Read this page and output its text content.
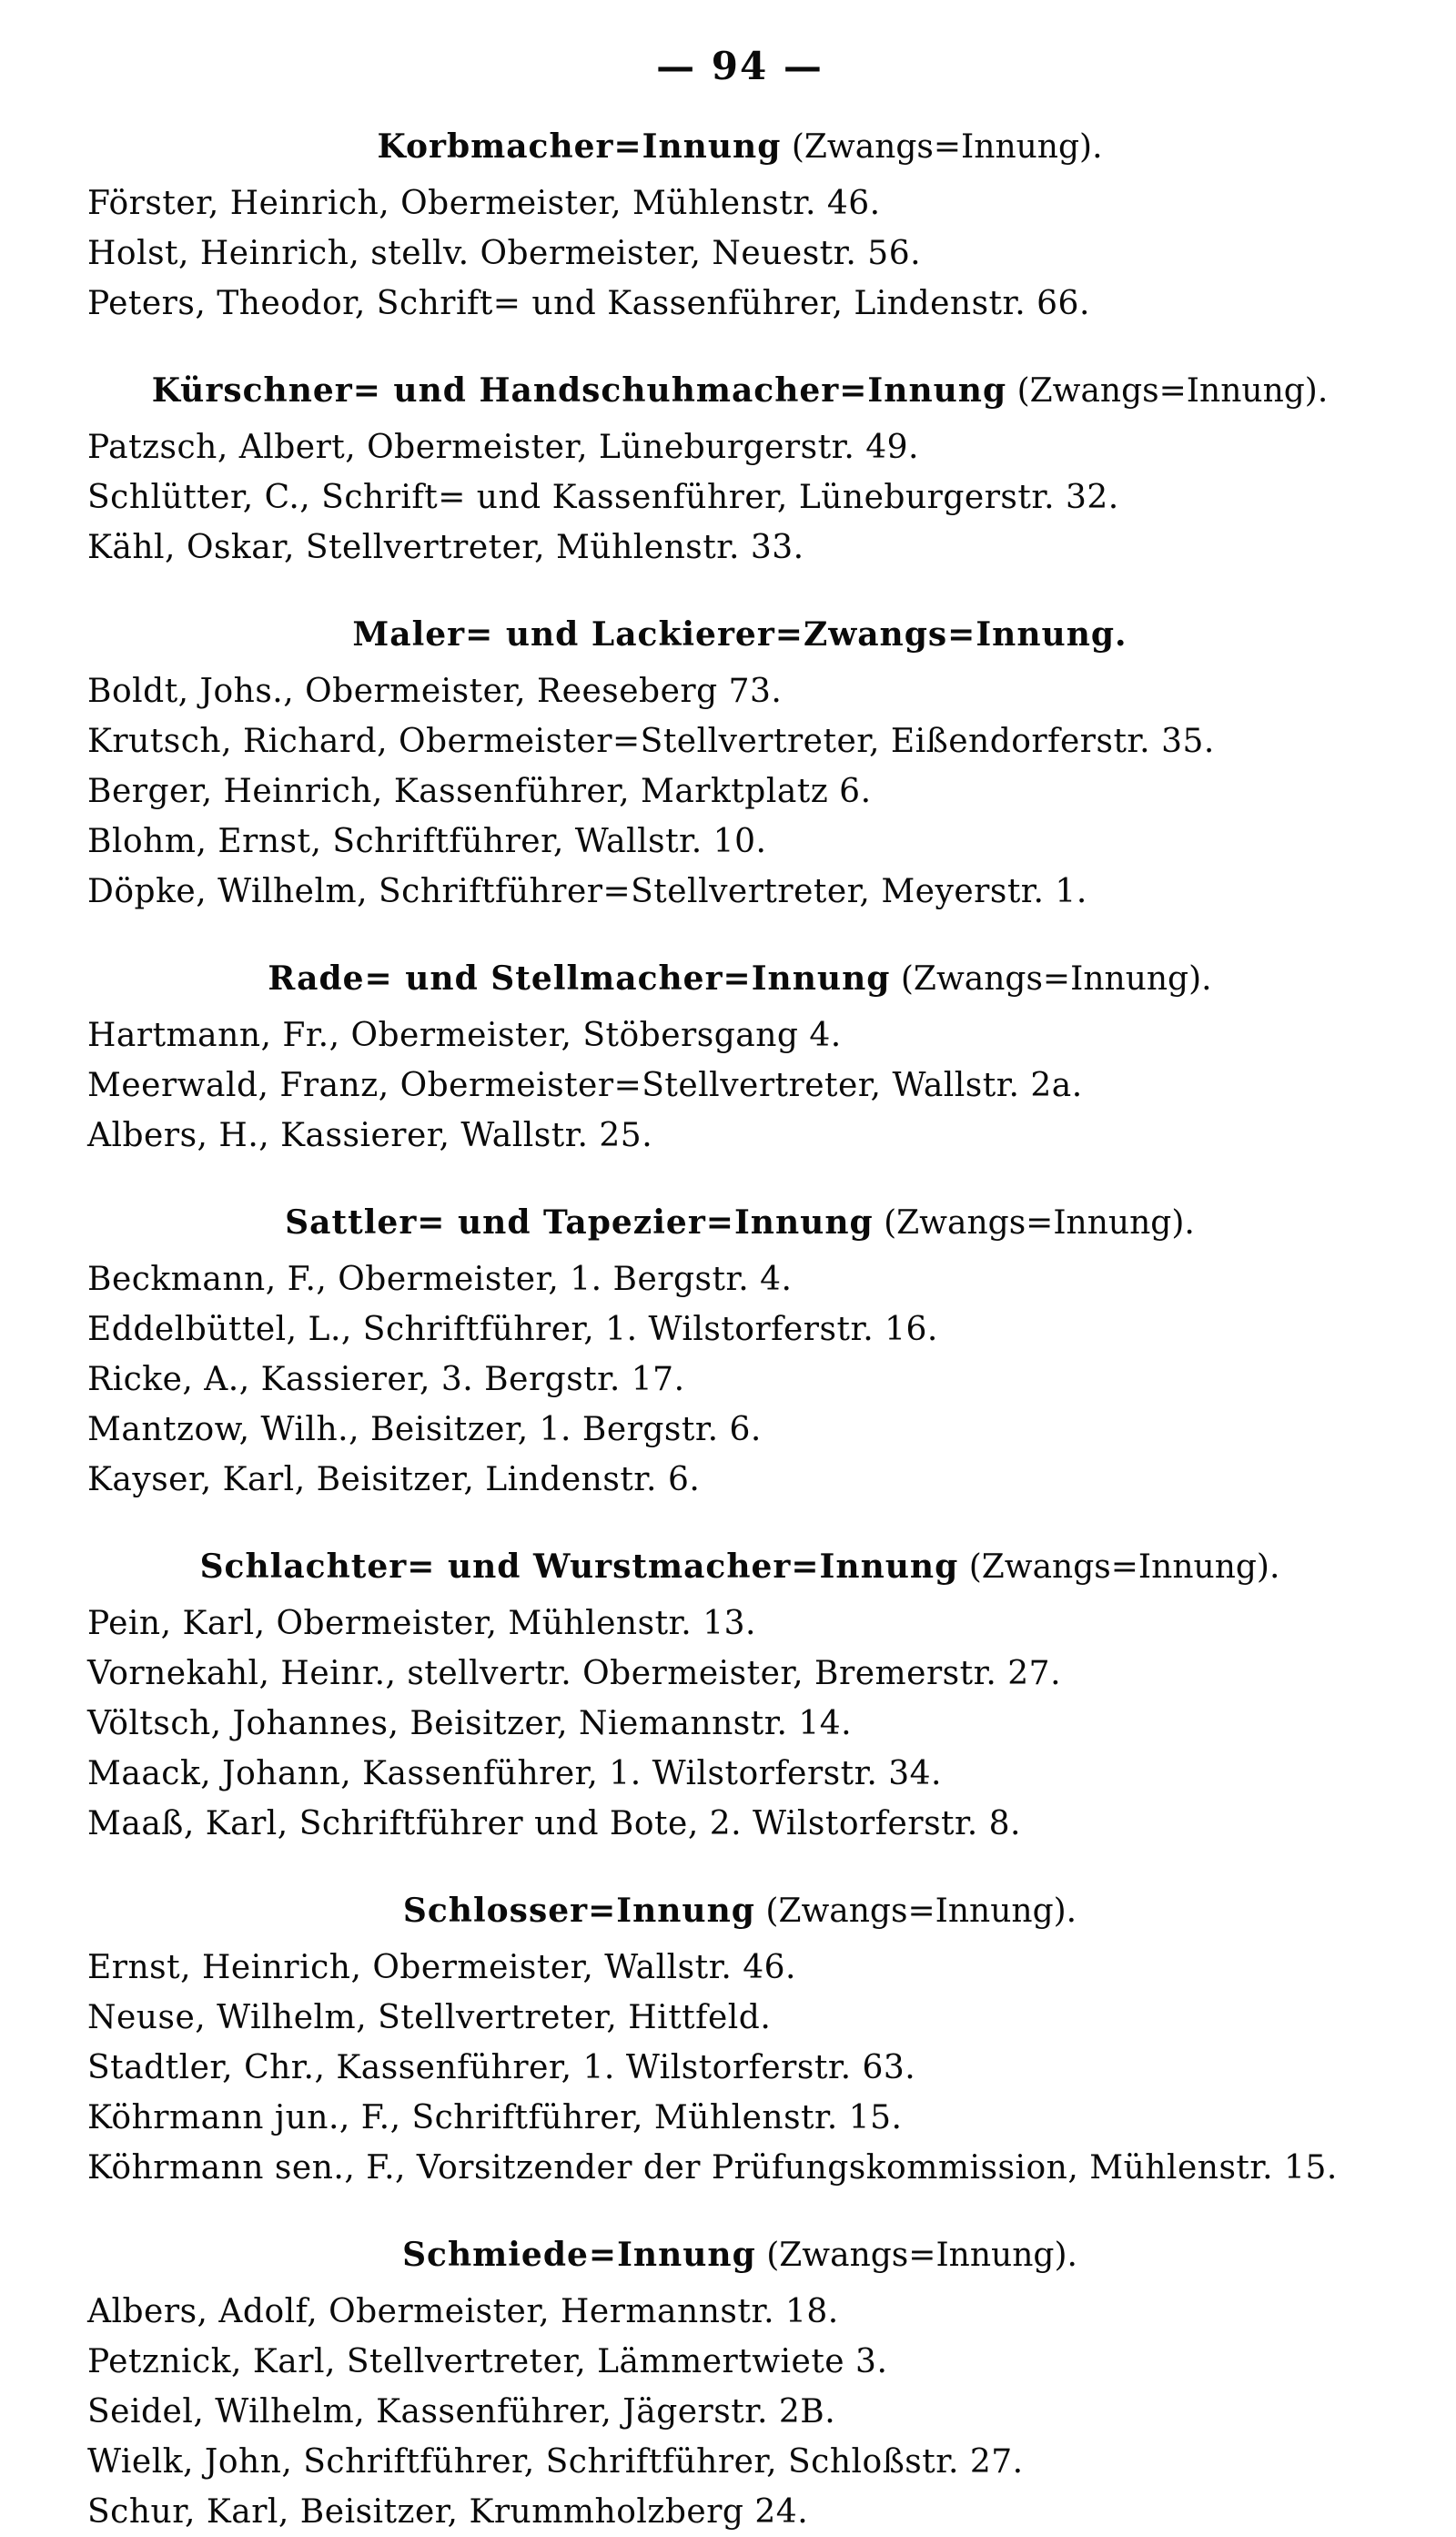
— 94 —
Korbmacher=Innung (Zwangs=Innung).
Förster, Heinrich, Obermeister, Mühlenstr. 46.
Holst, Heinrich, stellv. Obermeister, Neuestr. 56.
Peters, Theodor, Schrift= und Kassenführer, Lindenstr. 66.
Kürschner= und Handschuhmacher=Innung (Zwangs=Innung).
Patzsch, Albert, Obermeister, Lüneburgerstr. 49.
Schlütter, C., Schrift= und Kassenführer, Lüneburgerstr. 32.
Kähl, Oskar, Stellvertreter, Mühlenstr. 33.
Maler= und Lackierer=Zwangs=Innung.
Boldt, Johs., Obermeister, Reeseberg 73.
Krutsch, Richard, Obermeister=Stellvertreter, Eißendorferstr. 35.
Berger, Heinrich, Kassenführer, Marktplatz 6.
Blohm, Ernst, Schriftführer, Wallstr. 10.
Döpke, Wilhelm, Schriftführer=Stellvertreter, Meyerstr. 1.
Rade= und Stellmacher=Innung (Zwangs=Innung).
Hartmann, Fr., Obermeister, Stöbersgang 4.
Meerwald, Franz, Obermeister=Stellvertreter, Wallstr. 2a.
Albers, H., Kassierer, Wallstr. 25.
Sattler= und Tapezier=Innung (Zwangs=Innung).
Beckmann, F., Obermeister, 1. Bergstr. 4.
Eddelbüttel, L., Schriftführer, 1. Wilstorferstr. 16.
Ricke, A., Kassierer, 3. Bergstr. 17.
Mantzow, Wilh., Beisitzer, 1. Bergstr. 6.
Kayser, Karl, Beisitzer, Lindenstr. 6.
Schlachter= und Wurstmacher=Innung (Zwangs=Innung).
Pein, Karl, Obermeister, Mühlenstr. 13.
Vornekahl, Heinr., stellvertr. Obermeister, Bremerstr. 27.
Völtsch, Johannes, Beisitzer, Niemannstr. 14.
Maack, Johann, Kassenführer, 1. Wilstorferstr. 34.
Maaß, Karl, Schriftführer und Bote, 2. Wilstorferstr. 8.
Schlosser=Innung (Zwangs=Innung).
Ernst, Heinrich, Obermeister, Wallstr. 46.
Neuse, Wilhelm, Stellvertreter, Hittfeld.
Stadtler, Chr., Kassenführer, 1. Wilstorferstr. 63.
Köhrmann jun., F., Schriftführer, Mühlenstr. 15.
Köhrmann sen., F., Vorsitzender der Prüfungskommission, Mühlenstr. 15.
Schmiede=Innung (Zwangs=Innung).
Albers, Adolf, Obermeister, Hermannstr. 18.
Petznick, Karl, Stellvertreter, Lämmertwiete 3.
Seidel, Wilhelm, Kassenführer, Jägerstr. 2B.
Wielk, John, Schriftführer, Schriftführer, Schloßstr. 27.
Schur, Karl, Beisitzer, Krummholzberg 24.
